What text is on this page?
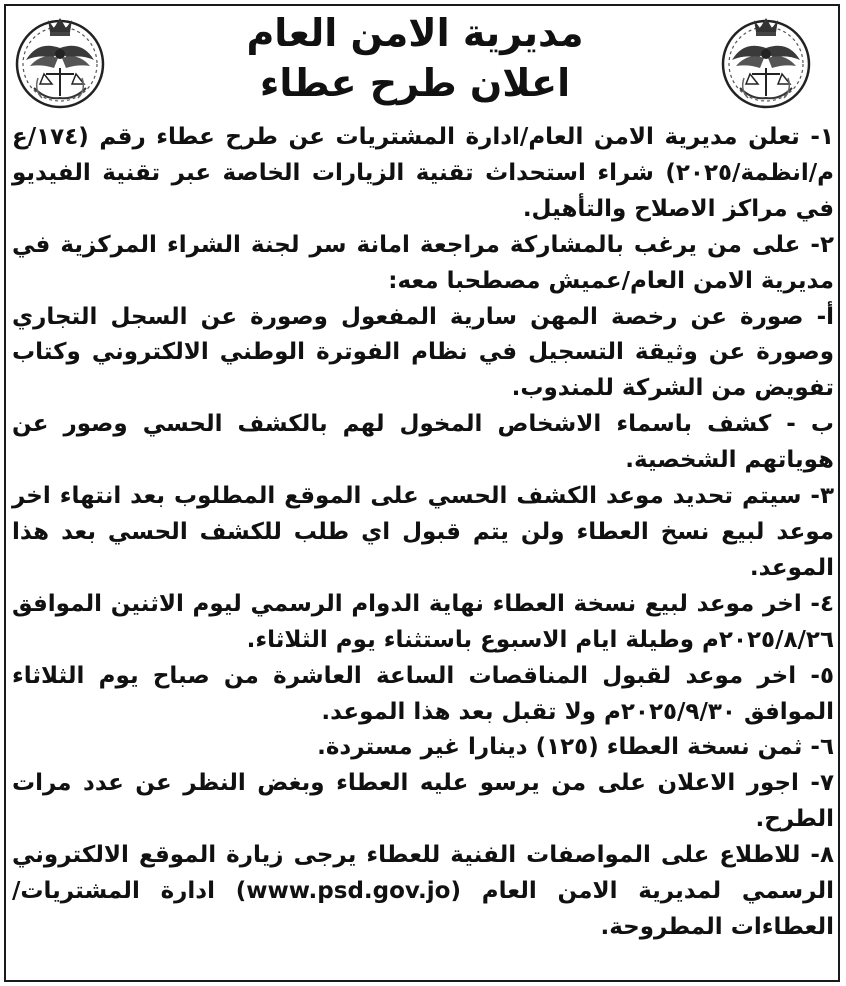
مديرية الامن العام
اعلان طرح عطاء

١- تعلن مديرية الامن العام/ادارة المشتريات عن طرح عطاء رقم (١٧٤/ع م/انظمة/٢٠٢٥) شراء استحداث تقنية الزيارات الخاصة عبر تقنية الفيديو في مراكز الاصلاح والتأهيل.

٢- على من يرغب بالمشاركة مراجعة امانة سر لجنة الشراء المركزية في مديرية الامن العام/عميش مصطحبا معه:

أ- صورة عن رخصة المهن سارية المفعول وصورة عن السجل التجاري وصورة عن وثيقة التسجيل في نظام الفوترة الوطني الالكتروني وكتاب تفويض من الشركة للمندوب.

ب - كشف باسماء الاشخاص المخول لهم بالكشف الحسي وصور عن هوياتهم الشخصية.

٣- سيتم تحديد موعد الكشف الحسي على الموقع المطلوب بعد انتهاء اخر موعد لبيع نسخ العطاء ولن يتم قبول اي طلب للكشف الحسي بعد هذا الموعد.

٤- اخر موعد لبيع نسخة العطاء نهاية الدوام الرسمي ليوم الاثنين الموافق ٢٠٢٥/٨/٢٦م وطيلة ايام الاسبوع باستثناء يوم الثلاثاء.

٥- اخر موعد لقبول المناقصات الساعة العاشرة من صباح يوم الثلاثاء الموافق ٢٠٢٥/٩/٣٠م ولا تقبل بعد هذا الموعد.

٦- ثمن نسخة العطاء (١٢٥) دينارا غير مستردة.

٧- اجور الاعلان على من يرسو عليه العطاء وبغض النظر عن عدد مرات الطرح.

٨- للاطلاع على المواصفات الفنية للعطاء يرجى زيارة الموقع الالكتروني الرسمي لمديرية الامن العام (www.psd.gov.jo) ادارة المشتريات/العطاءات المطروحة.
